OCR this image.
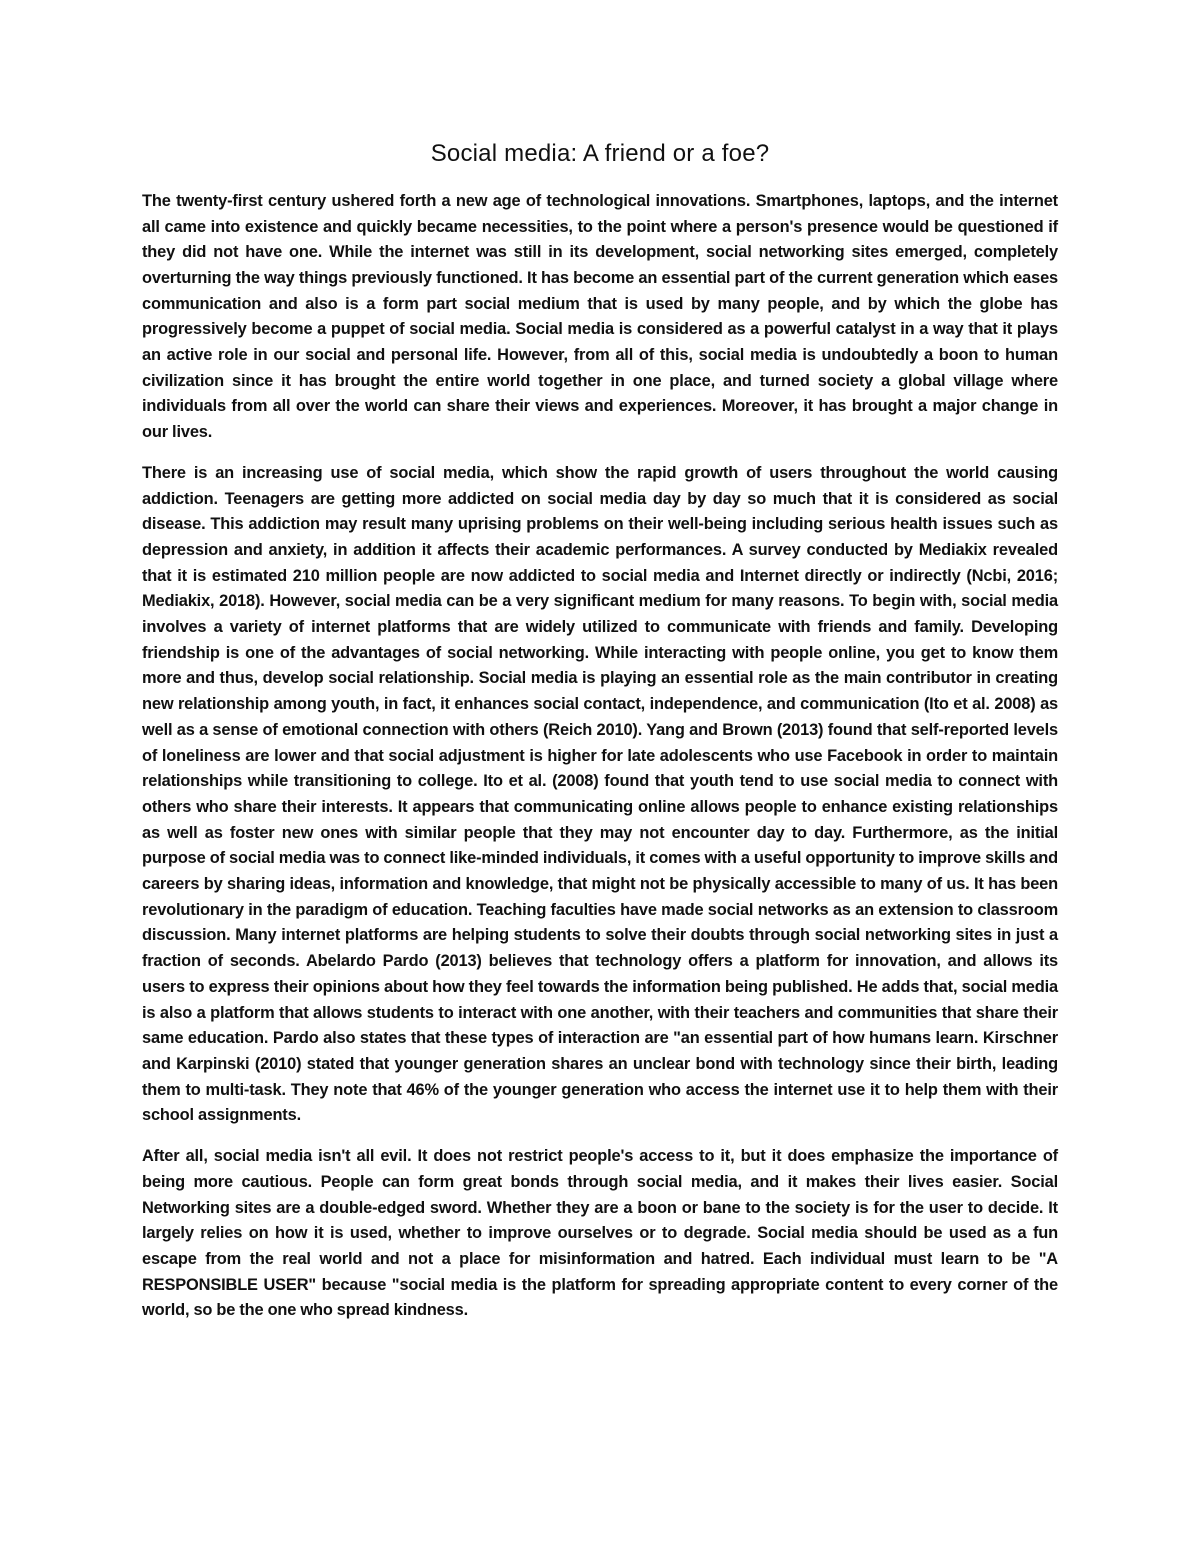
Social media: A friend or a foe?

The twenty-first century ushered forth a new age of technological innovations. Smartphones, laptops, and the internet all came into existence and quickly became necessities, to the point where a person's presence would be questioned if they did not have one. While the internet was still in its development, social networking sites emerged, completely overturning the way things previously functioned. It has become an essential part of the current generation which eases communication and also is a form part social medium that is used by many people, and by which the globe has progressively become a puppet of social media. Social media is considered as a powerful catalyst in a way that it plays an active role in our social and personal life. However, from all of this, social media is undoubtedly a boon to human civilization since it has brought the entire world together in one place, and turned society a global village where individuals from all over the world can share their views and experiences. Moreover, it has brought a major change in our lives.

There is an increasing use of social media, which show the rapid growth of users throughout the world causing addiction. Teenagers are getting more addicted on social media day by day so much that it is considered as social disease. This addiction may result many uprising problems on their well-being including serious health issues such as depression and anxiety, in addition it affects their academic performances. A survey conducted by Mediakix revealed that it is estimated 210 million people are now addicted to social media and Internet directly or indirectly (Ncbi, 2016; Mediakix, 2018). However, social media can be a very significant medium for many reasons. To begin with, social media involves a variety of internet platforms that are widely utilized to communicate with friends and family. Developing friendship is one of the advantages of social networking. While interacting with people online, you get to know them more and thus, develop social relationship. Social media is playing an essential role as the main contributor in creating new relationship among youth, in fact, it enhances social contact, independence, and communication (Ito et al. 2008) as well as a sense of emotional connection with others (Reich 2010). Yang and Brown (2013) found that self-reported levels of loneliness are lower and that social adjustment is higher for late adolescents who use Facebook in order to maintain relationships while transitioning to college. Ito et al. (2008) found that youth tend to use social media to connect with others who share their interests. It appears that communicating online allows people to enhance existing relationships as well as foster new ones with similar people that they may not encounter day to day. Furthermore, as the initial purpose of social media was to connect like-minded individuals, it comes with a useful opportunity to improve skills and careers by sharing ideas, information and knowledge, that might not be physically accessible to many of us. It has been revolutionary in the paradigm of education. Teaching faculties have made social networks as an extension to classroom discussion. Many internet platforms are helping students to solve their doubts through social networking sites in just a fraction of seconds. Abelardo Pardo (2013) believes that technology offers a platform for innovation, and allows its users to express their opinions about how they feel towards the information being published. He adds that, social media is also a platform that allows students to interact with one another, with their teachers and communities that share their same education. Pardo also states that these types of interaction are "an essential part of how humans learn. Kirschner and Karpinski (2010) stated that younger generation shares an unclear bond with technology since their birth, leading them to multi-task. They note that 46% of the younger generation who access the internet use it to help them with their school assignments.

After all, social media isn't all evil. It does not restrict people's access to it, but it does emphasize the importance of being more cautious. People can form great bonds through social media, and it makes their lives easier. Social Networking sites are a double-edged sword. Whether they are a boon or bane to the society is for the user to decide. It largely relies on how it is used, whether to improve ourselves or to degrade. Social media should be used as a fun escape from the real world and not a place for misinformation and hatred. Each individual must learn to be "A RESPONSIBLE USER" because "social media is the platform for spreading appropriate content to every corner of the world, so be the one who spread kindness.
